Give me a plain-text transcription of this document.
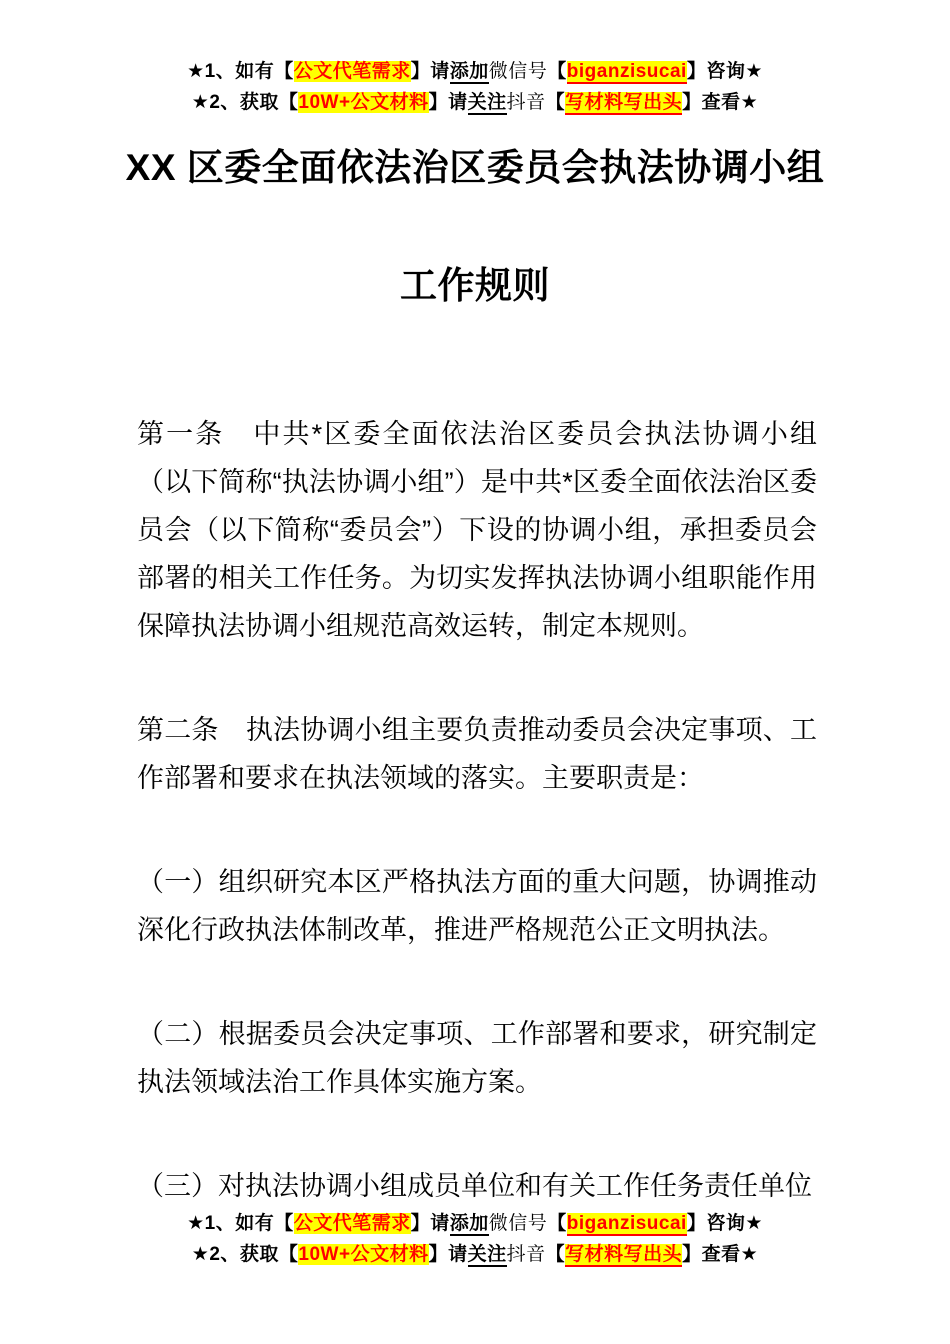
★1、如有【公文代笔需求】请添加微信号【biganzisucai】咨询★
★2、获取【10W+公文材料】请关注抖音【写材料写出头】查看★
XX 区委全面依法治区委员会执法协调小组
工作规则

第一条　中共*区委全面依法治区委员会执法协调小组（以下简称“执法协调小组”）是中共*区委全面依法治区委员会（以下简称“委员会”）下设的协调小组，承担委员会部署的相关工作任务。为切实发挥执法协调小组职能作用保障执法协调小组规范高效运转，制定本规则。

第二条　执法协调小组主要负责推动委员会决定事项、工作部署和要求在执法领域的落实。主要职责是：

（一）组织研究本区严格执法方面的重大问题，协调推动深化行政执法体制改革，推进严格规范公正文明执法。

（二）根据委员会决定事项、工作部署和要求，研究制定执法领域法治工作具体实施方案。

（三）对执法协调小组成员单位和有关工作任务责任单位

★1、如有【公文代笔需求】请添加微信号【biganzisucai】咨询★
★2、获取【10W+公文材料】请关注抖音【写材料写出头】查看★
